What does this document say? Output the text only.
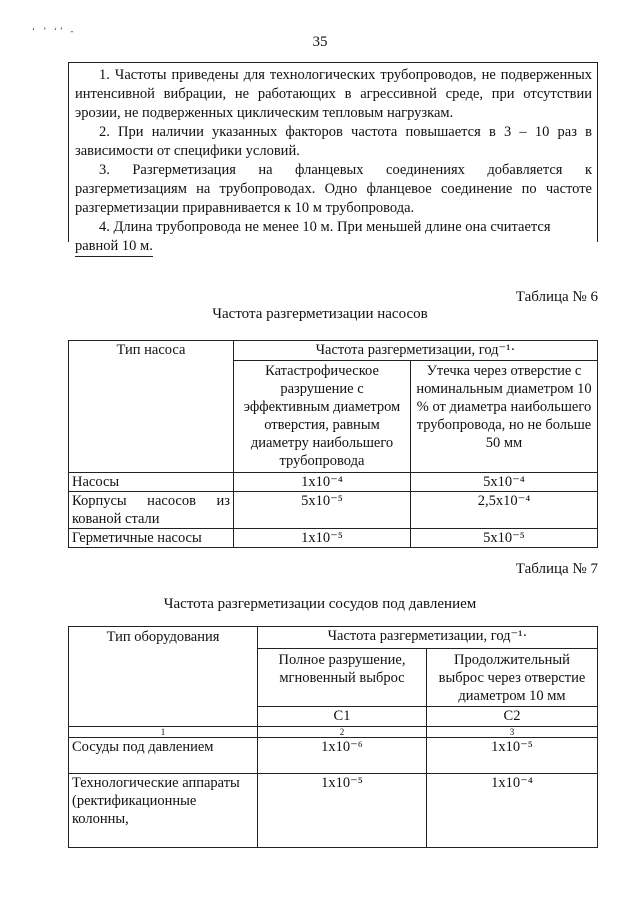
‘ ’ ‘’ ‑
35

1. Частоты приведены для технологических трубопроводов, не подверженных интенсивной вибрации, не работающих в агрессивной среде, при отсутствии эрозии, не подверженных циклическим тепловым нагрузкам.

2. При наличии указанных факторов частота повышается в 3 – 10 раз в зависимости от специфики условий.

3. Разгерметизация на фланцевых соединениях добавляется к разгерметизациям на трубопроводах. Одно фланцевое соединение по частоте разгерметизации приравнивается к 10 м трубопровода.

4. Длина трубопровода не менее 10 м. При меньшей длине она считается

равной 10 м.
Таблица № 6
Частота разгерметизации насосов
Тип насоса	Частота разгерметизации, год⁻¹·	
	Катастрофическое разрушение с эффективным диаметром отверстия, равным диаметру наибольшего трубопровода	Утечка через отверстие с номинальным диаметром 10 % от диаметра наибольшего трубопровода, но не больше 50 мм
Насосы	1x10⁻⁴	5x10⁻⁴
Корпусы насосов из кованой стали	5x10⁻⁵	2,5x10⁻⁴
Герметичные насосы	1x10⁻⁵	5x10⁻⁵
Таблица № 7
Частота разгерметизации сосудов под давлением
Тип оборудования	Частота разгерметизации, год⁻¹·	
	Полное разрушение, мгновенный выброс	Продолжительный выброс через отверстие диаметром 10 мм
	С1	С2
1	2	3
Сосуды под давлением	1x10⁻⁶	1x10⁻⁵
Технологические аппараты (ректификационные колонны,	1x10⁻⁵	1x10⁻⁴
